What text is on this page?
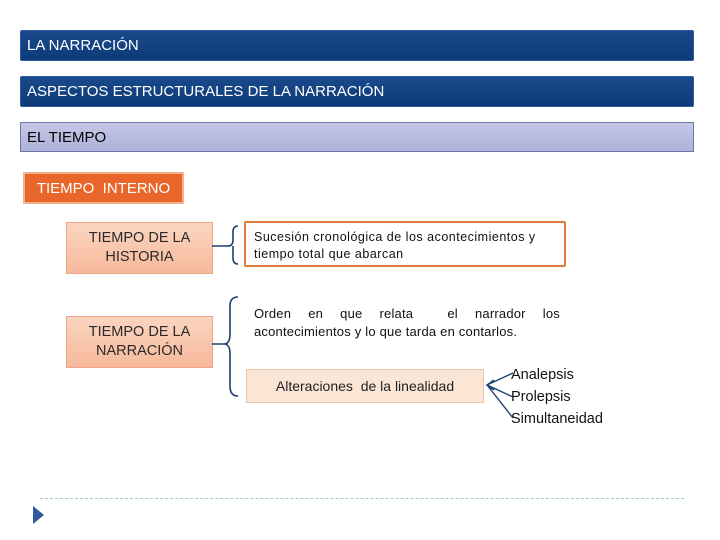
LA NARRACIÓN
ASPECTOS ESTRUCTURALES DE LA NARRACIÓN
EL TIEMPO
TIEMPO  INTERNO
TIEMPO DE LA
HISTORIA
TIEMPO DE LA
NARRACIÓN
Sucesión cronológica de los acontecimientos y
tiempo total que abarcan
Orden en que relata  el narrador los
acontecimientos y lo que tarda en contarlos.
Alteraciones  de la linealidad
Analepsis
Prolepsis
Simultaneidad
